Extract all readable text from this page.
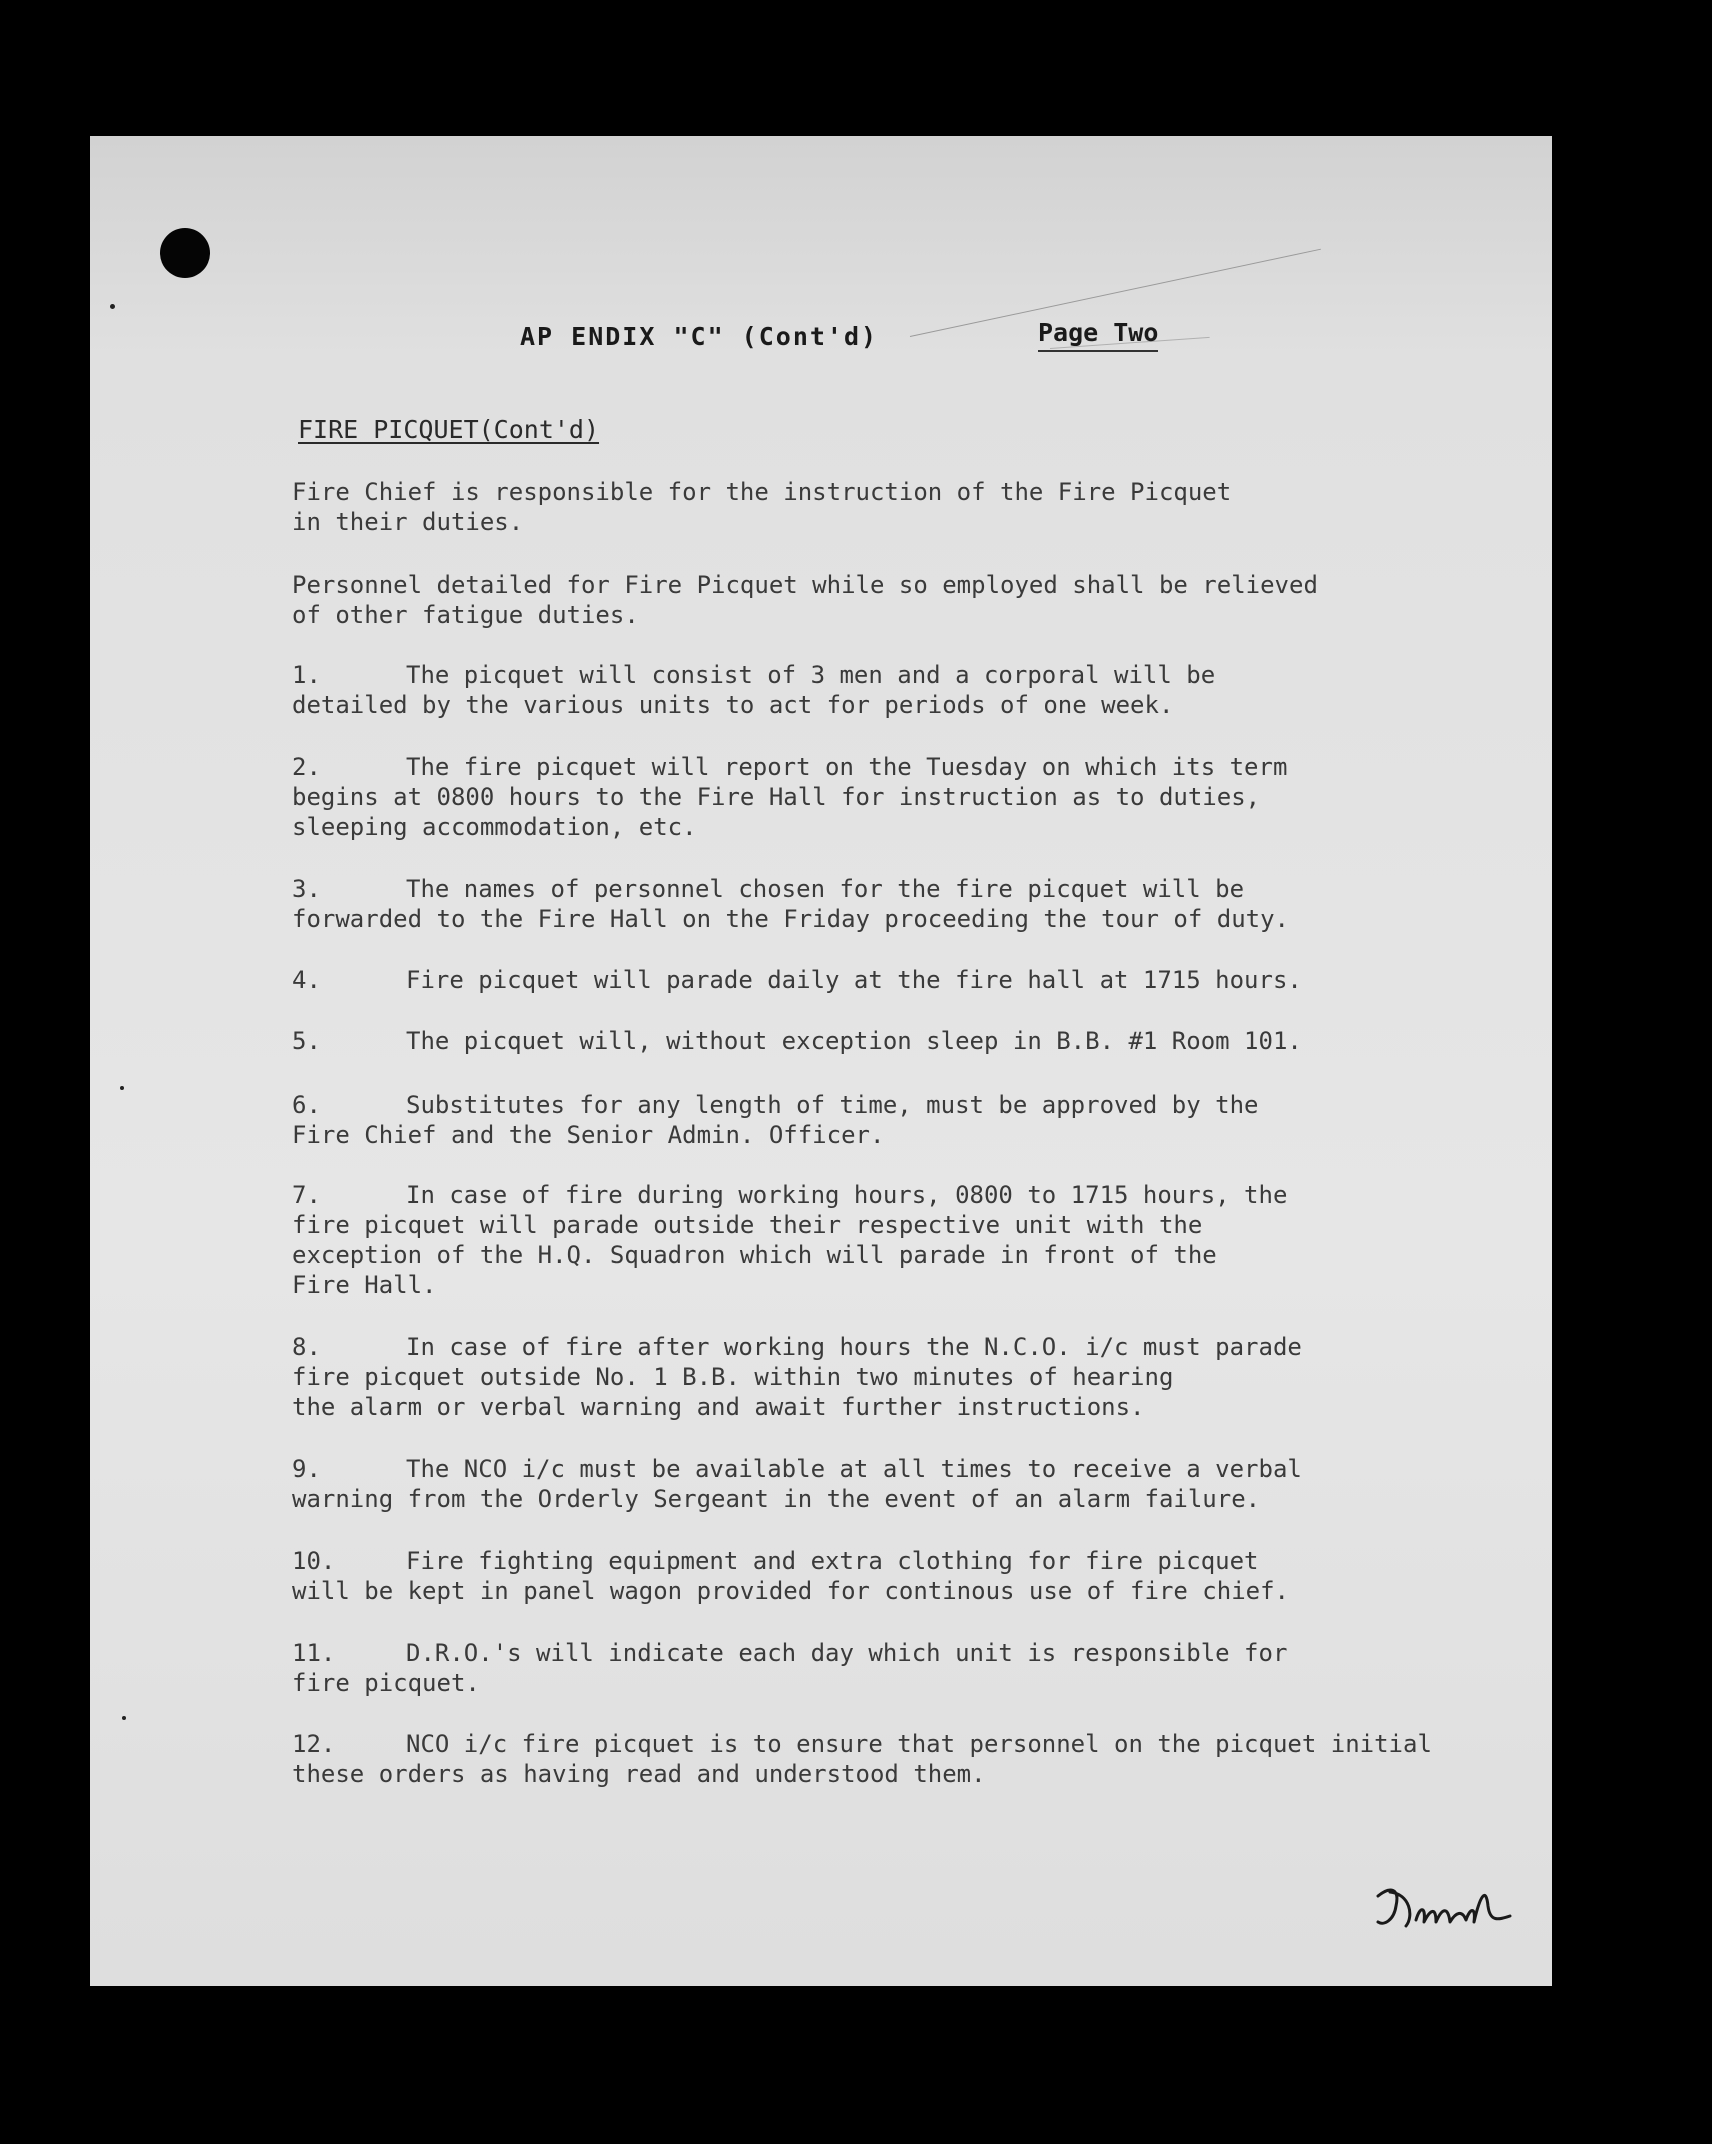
AP ENDIX "C" (Cont'd)	Page Two
FIRE PICQUET(Cont'd)

Fire Chief is responsible for the instruction of the Fire Picquet
in their duties.

Personnel detailed for Fire Picquet while so employed shall be relieved
of other fatigue duties.

1.	The picquet will consist of 3 men and a corporal will be
detailed by the various units to act for periods of one week.
2.	The fire picquet will report on the Tuesday on which its term
begins at 0800 hours to the Fire Hall for instruction as to duties,
sleeping accommodation, etc.
3.	The names of personnel chosen for the fire picquet will be
forwarded to the Fire Hall on the Friday proceeding the tour of duty.
4.	Fire picquet will parade daily at the fire hall at 1715 hours.
5.	The picquet will, without exception sleep in B.B. #1 Room 101.
6.	Substitutes for any length of time, must be approved by the
Fire Chief and the Senior Admin. Officer.
7.	In case of fire during working hours, 0800 to 1715 hours, the
fire picquet will parade outside their respective unit with the
exception of the H.Q. Squadron which will parade in front of the
Fire Hall.
8.	In case of fire after working hours the N.C.O. i/c must parade
fire picquet outside No. 1 B.B. within two minutes of hearing
the alarm or verbal warning and await further instructions.
9.	The NCO i/c must be available at all times to receive a verbal
warning from the Orderly Sergeant in the event of an alarm failure.
10.	Fire fighting equipment and extra clothing for fire picquet
will be kept in panel wagon provided for continous use of fire chief.
11.	D.R.O.'s will indicate each day which unit is responsible for
fire picquet.
12.	NCO i/c fire picquet is to ensure that personnel on the picquet initial
these orders as having read and understood them.
